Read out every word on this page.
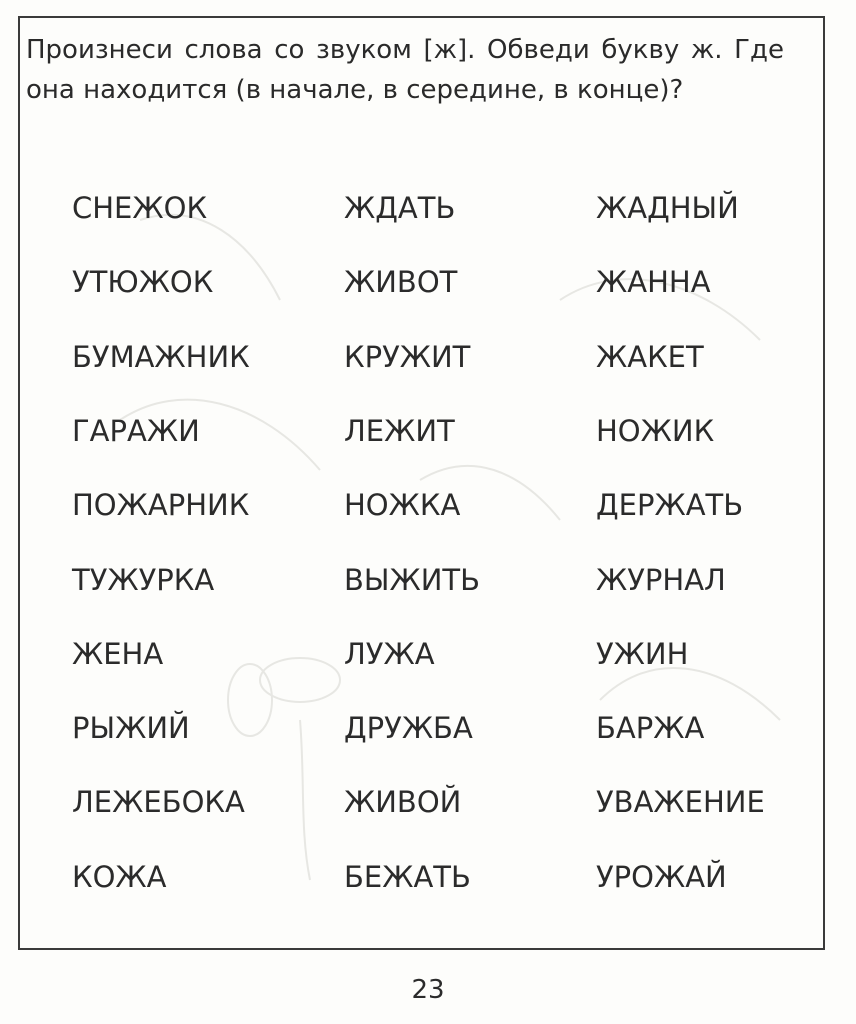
Произнеси слова со звуком [ж]. Обведи букву ж. Где она находится (в начале, в середине, в конце)?

СНЕЖОК
УТЮЖОК
БУМАЖНИК
ГАРАЖИ
ПОЖАРНИК
ТУЖУРКА
ЖЕНА
РЫЖИЙ
ЛЕЖЕБОКА
КОЖА
ЖДАТЬ
ЖИВОТ
КРУЖИТ
ЛЕЖИТ
НОЖКА
ВЫЖИТЬ
ЛУЖА
ДРУЖБА
ЖИВОЙ
БЕЖАТЬ
ЖАДНЫЙ
ЖАННА
ЖАКЕТ
НОЖИК
ДЕРЖАТЬ
ЖУРНАЛ
УЖИН
БАРЖА
УВАЖЕНИЕ
УРОЖАЙ
23
